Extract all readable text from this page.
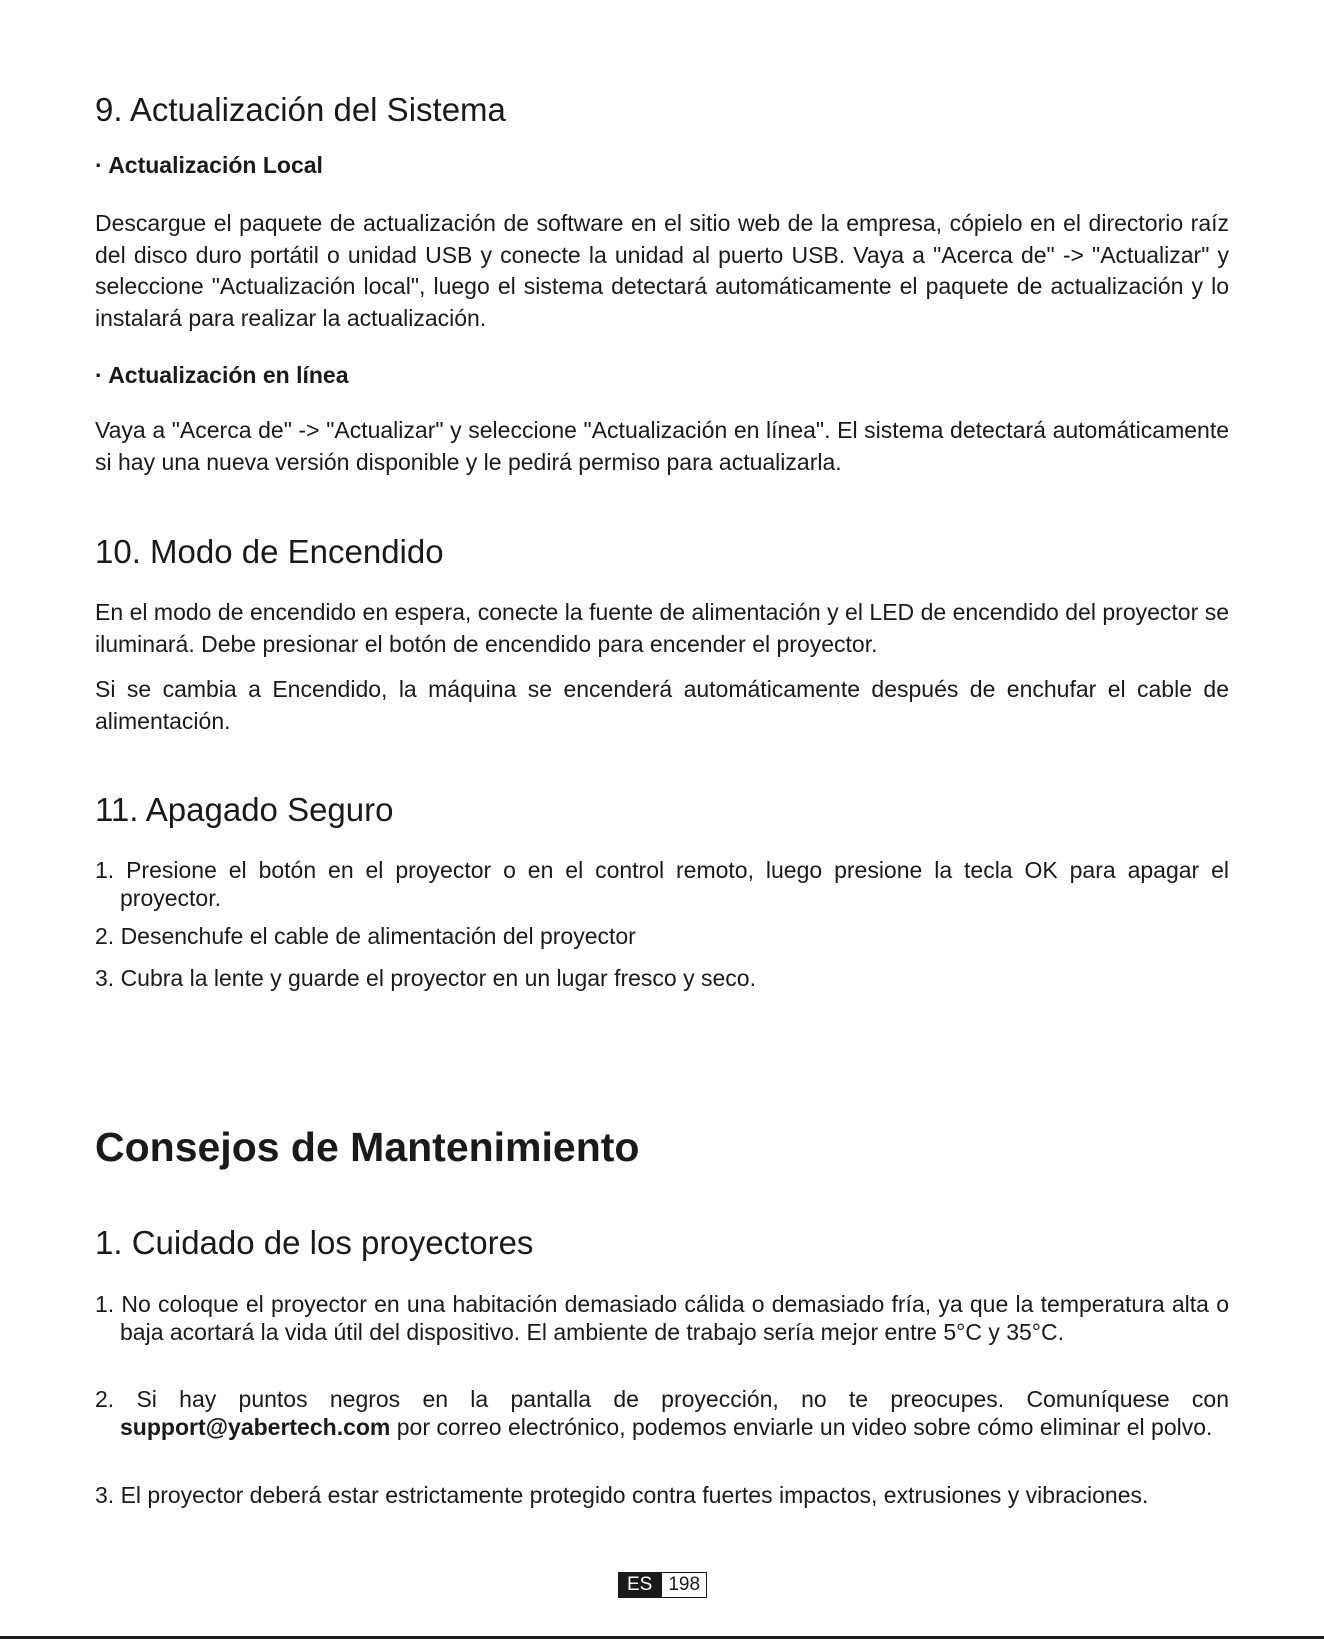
9. Actualización del Sistema
· Actualización Local

Descargue el paquete de actualización de software en el sitio web de la empresa, cópielo en el directorio raíz del disco duro portátil o unidad USB y conecte la unidad al puerto USB. Vaya a "Acerca de" -> "Actualizar" y seleccione "Actualización local", luego el sistema detectará automáticamente el paquete de actualización y lo instalará para realizar la actualización.

· Actualización en línea

Vaya a "Acerca de" -> "Actualizar" y seleccione "Actualización en línea". El sistema detectará automáticamente si hay una nueva versión disponible y le pedirá permiso para actualizarla.

10. Modo de Encendido

En el modo de encendido en espera, conecte la fuente de alimentación y el LED de encendido del proyector se iluminará. Debe presionar el botón de encendido para encender el proyector.

Si se cambia a Encendido, la máquina se encenderá automáticamente después de enchufar el cable de alimentación.

11. Apagado Seguro

1. Presione el botón en el proyector o en el control remoto, luego presione la tecla OK para apagar el proyector.

2. Desenchufe el cable de alimentación del proyector

3. Cubra la lente y guarde el proyector en un lugar fresco y seco.

Consejos de Mantenimiento
1. Cuidado de los proyectores

1. No coloque el proyector en una habitación demasiado cálida o demasiado fría, ya que la temperatura alta o baja acortará la vida útil del dispositivo. El ambiente de trabajo sería mejor entre 5°C y 35°C.

2. Si hay puntos negros en la pantalla de proyección, no te preocupes. Comuníquese con support@yabertech.com por correo electrónico, podemos enviarle un video sobre cómo eliminar el polvo.

3. El proyector deberá estar estrictamente protegido contra fuertes impactos, extrusiones y vibraciones.

ES 198
